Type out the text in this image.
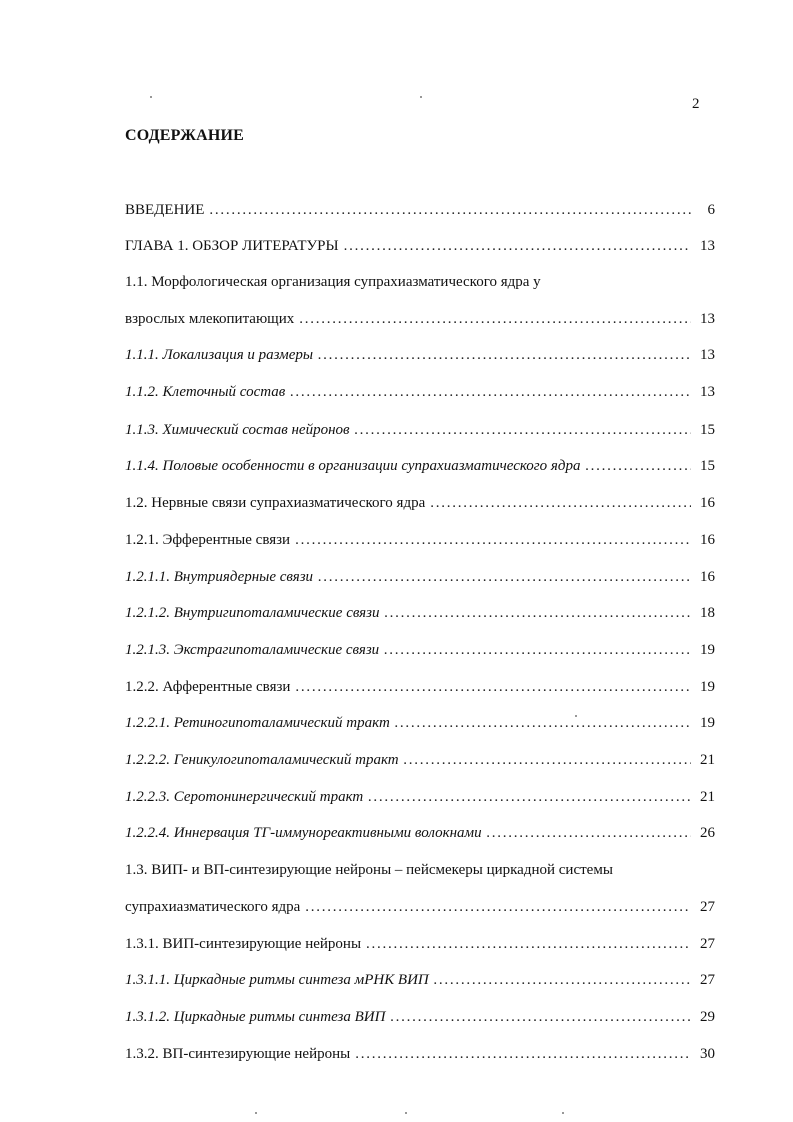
2
СОДЕРЖАНИЕ
ВВЕДЕНИЕ . . .	6
ГЛАВА 1. ОБЗОР ЛИТЕРАТУРЫ . . .	13
1.1. Морфологическая организация супрахиазматического ядра у
взрослых млекопитающих . . .	13
1.1.1. Локализация и размеры . . .	13
1.1.2. Клеточный состав . . .	13
1.1.3. Химический состав нейронов . . .	15
1.1.4. Половые особенности в организации супрахиазматического ядра . . .	15
1.2. Нервные связи супрахиазматического ядра . . .	16
1.2.1. Эфферентные связи . . .	16
1.2.1.1. Внутриядерные связи . . .	16
1.2.1.2. Внутригипоталамические связи . . .	18
1.2.1.3. Экстрагипоталамические связи . . .	19
1.2.2. Афферентные связи . . .	19
1.2.2.1. Ретиногипоталамический тракт . . .	19
1.2.2.2. Геникулогипоталамический тракт . . .	21
1.2.2.3. Серотонинергический тракт . . .	21
1.2.2.4. Иннервация ТГ-иммунореактивными волокнами . . .	26
1.3. ВИП- и ВП-синтезирующие нейроны – пейсмекеры циркадной системы
супрахиазматического ядра . . .	27
1.3.1. ВИП-синтезирующие нейроны . . .	27
1.3.1.1. Циркадные ритмы синтеза мРНК ВИП . . .	27
1.3.1.2. Циркадные ритмы синтеза ВИП . . .	29
1.3.2. ВП-синтезирующие нейроны . . .	30
